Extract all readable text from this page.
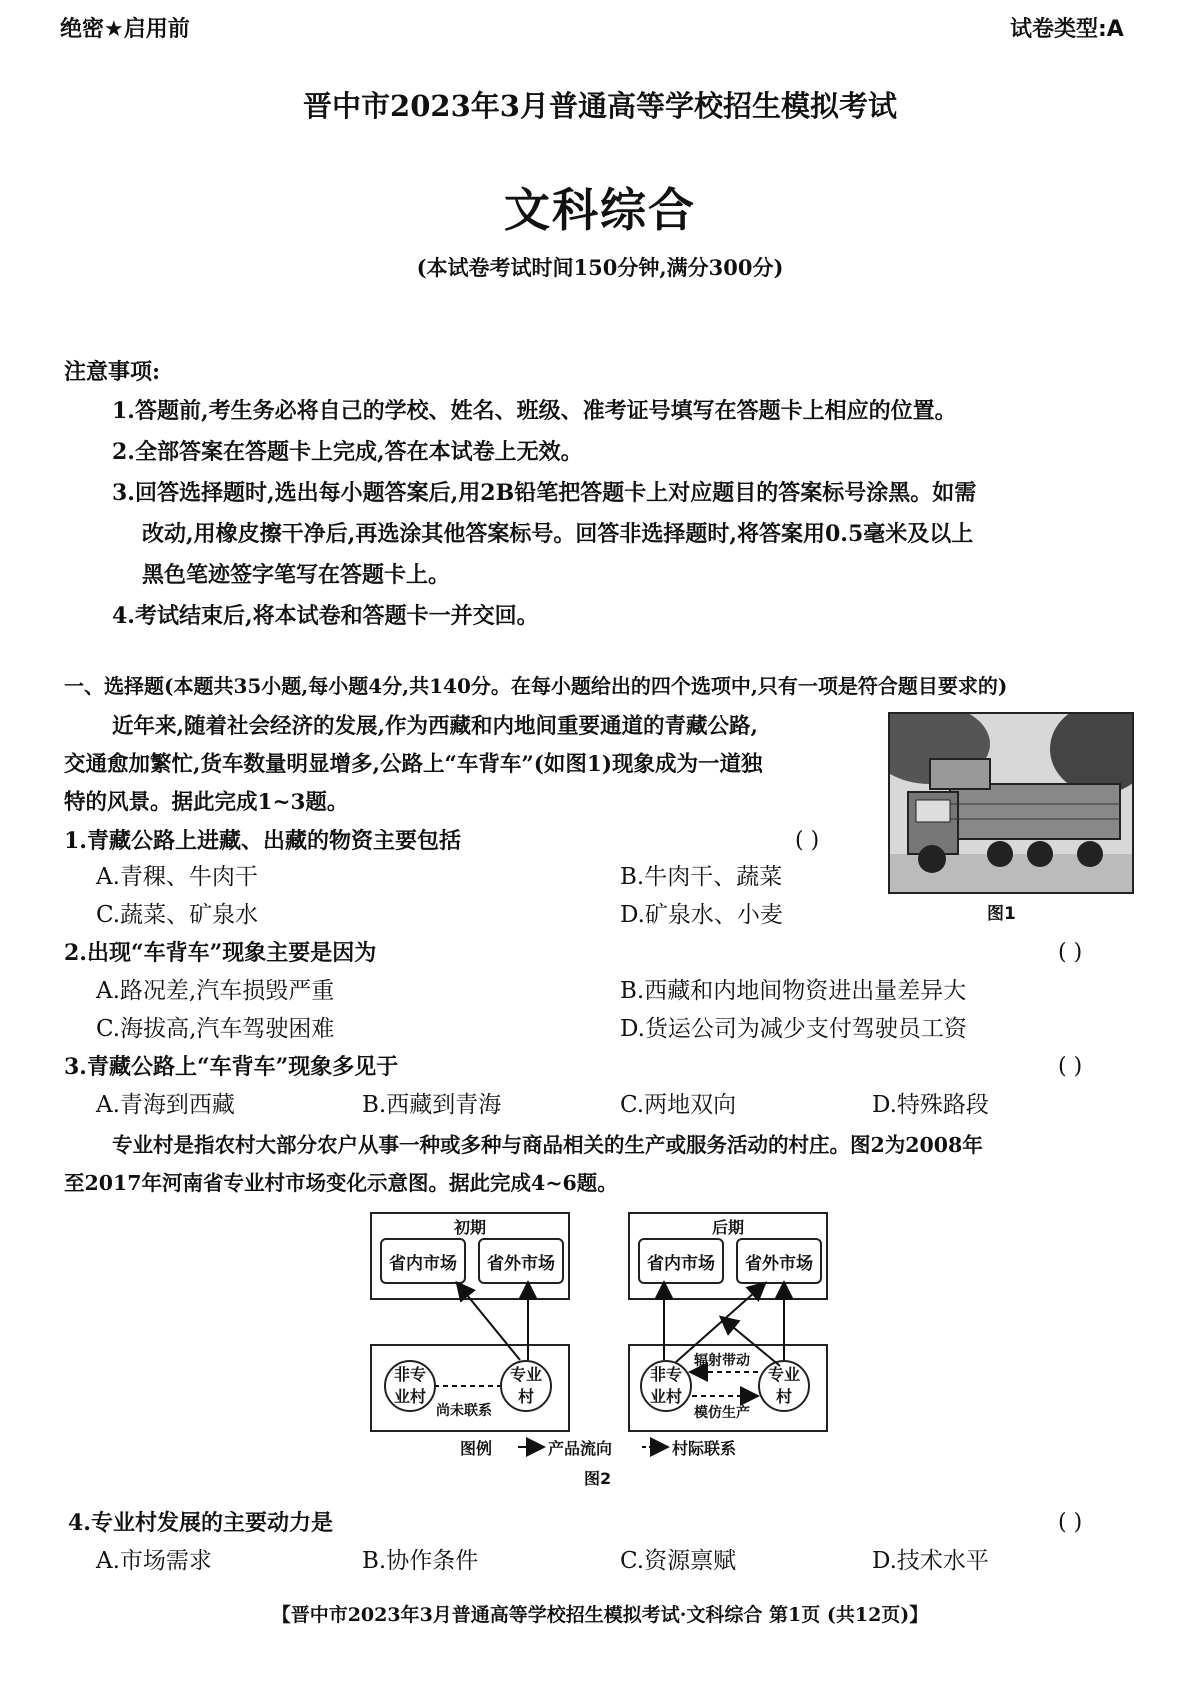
绝密★启用前	试卷类型:A
晋中市2023年3月普通高等学校招生模拟考试
文科综合
(本试卷考试时间150分钟,满分300分)
注意事项:
1.答题前,考生务必将自己的学校、姓名、班级、准考证号填写在答题卡上相应的位置。
2.全部答案在答题卡上完成,答在本试卷上无效。
3.回答选择题时,选出每小题答案后,用2B铅笔把答题卡上对应题目的答案标号涂黑。如需
改动,用橡皮擦干净后,再选涂其他答案标号。回答非选择题时,将答案用0.5毫米及以上
黑色笔迹签字笔写在答题卡上。
4.考试结束后,将本试卷和答题卡一并交回。
一、选择题(本题共35小题,每小题4分,共140分。在每小题给出的四个选项中,只有一项是符合题目要求的)
近年来,随着社会经济的发展,作为西藏和内地间重要通道的青藏公路,
交通愈加繁忙,货车数量明显增多,公路上“车背车”(如图1)现象成为一道独
特的风景。据此完成1~3题。
图1
1.青藏公路上进藏、出藏的物资主要包括	( )
A.青稞、牛肉干	B.牛肉干、蔬菜
C.蔬菜、矿泉水	D.矿泉水、小麦
2.出现“车背车”现象主要是因为	( )
A.路况差,汽车损毁严重	B.西藏和内地间物资进出量差异大
C.海拔高,汽车驾驶困难	D.货运公司为减少支付驾驶员工资
3.青藏公路上“车背车”现象多见于	( )
A.青海到西藏	B.西藏到青海	C.两地双向	D.特殊路段
专业村是指农村大部分农户从事一种或多种与商品相关的生产或服务活动的村庄。图2为2008年
至2017年河南省专业村市场变化示意图。据此完成4~6题。
初期
省内市场	省外市场
非专
业村
专业
村
尚未联系
后期
省内市场	省外市场
非专
业村
专业
村
辐射带动
模仿生产
图例	产品流向	村际联系
图2
4.专业村发展的主要动力是	( )
A.市场需求	B.协作条件	C.资源禀赋	D.技术水平
【晋中市2023年3月普通高等学校招生模拟考试·文科综合 第1页 (共12页)】
